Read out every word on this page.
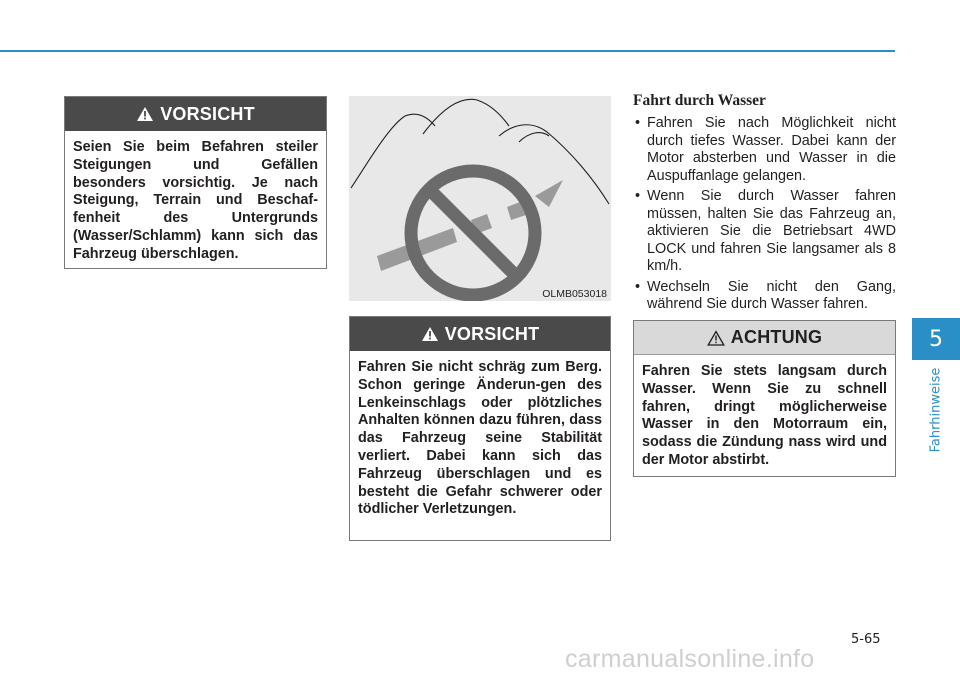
5
Fahrhinweise
VORSICHT
Seien Sie beim Befahren steiler Steigungen und Gefällen besonders vorsichtig. Je nach Steigung, Terrain und Beschaf-fenheit des Untergrunds (Wasser/Schlamm) kann sich das Fahrzeug überschlagen.
OLMB053018
VORSICHT
Fahren Sie nicht schräg zum Berg. Schon geringe Änderun-gen des Lenkeinschlags oder plötzliches Anhalten können dazu führen, dass das Fahrzeug seine Stabilität verliert. Dabei kann sich das Fahrzeug überschlagen und es besteht die Gefahr schwerer oder tödlicher Verletzungen.
Fahrt durch Wasser
• Fahren Sie nach Möglichkeit nicht durch tiefes Wasser. Dabei kann der Motor absterben und Wasser in die Auspuffanlage gelangen.
• Wenn Sie durch Wasser fahren müssen, halten Sie das Fahrzeug an, aktivieren Sie die Betriebsart 4WD LOCK und fahren Sie langsamer als 8 km/h.
• Wechseln Sie nicht den Gang, während Sie durch Wasser fahren.
ACHTUNG
Fahren Sie stets langsam durch Wasser. Wenn Sie zu schnell fahren, dringt möglicherweise Wasser in den Motorraum ein, sodass die Zündung nass wird und der Motor abstirbt.
5-65
carmanualsonline.info
